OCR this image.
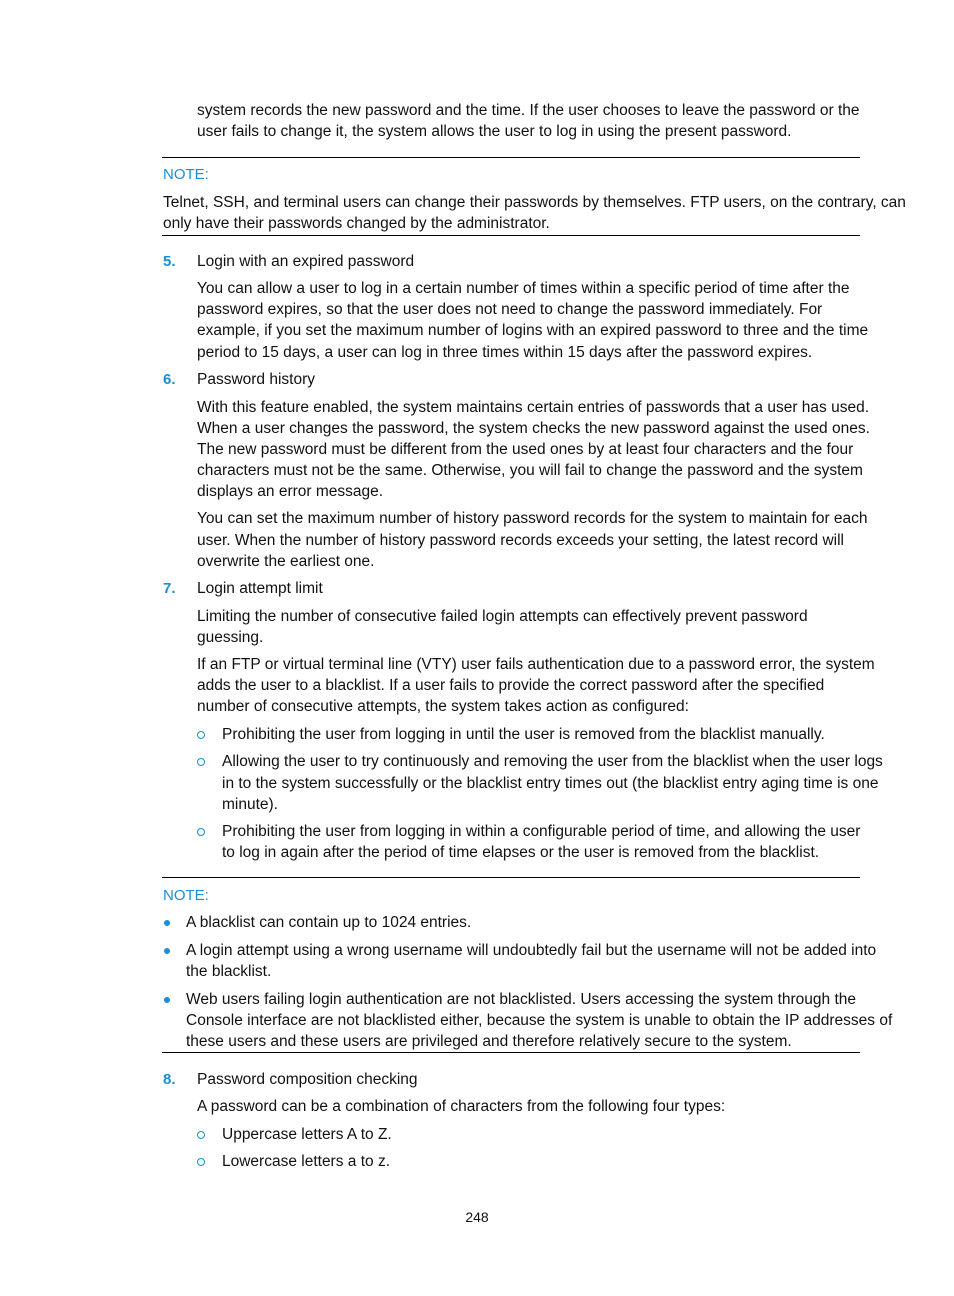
system records the new password and the time. If the user chooses to leave the password or the
user fails to change it, the system allows the user to log in using the present password.
NOTE:
Telnet, SSH, and terminal users can change their passwords by themselves. FTP users, on the contrary, can
only have their passwords changed by the administrator.
5. Login with an expired password
You can allow a user to log in a certain number of times within a specific period of time after the
password expires, so that the user does not need to change the password immediately. For
example, if you set the maximum number of logins with an expired password to three and the time
period to 15 days, a user can log in three times within 15 days after the password expires.
6. Password history
With this feature enabled, the system maintains certain entries of passwords that a user has used.
When a user changes the password, the system checks the new password against the used ones.
The new password must be different from the used ones by at least four characters and the four
characters must not be the same. Otherwise, you will fail to change the password and the system
displays an error message.
You can set the maximum number of history password records for the system to maintain for each
user. When the number of history password records exceeds your setting, the latest record will
overwrite the earliest one.
7. Login attempt limit
Limiting the number of consecutive failed login attempts can effectively prevent password
guessing.
If an FTP or virtual terminal line (VTY) user fails authentication due to a password error, the system
adds the user to a blacklist. If a user fails to provide the correct password after the specified
number of consecutive attempts, the system takes action as configured:
Prohibiting the user from logging in until the user is removed from the blacklist manually.
Allowing the user to try continuously and removing the user from the blacklist when the user logs
in to the system successfully or the blacklist entry times out (the blacklist entry aging time is one
minute).
Prohibiting the user from logging in within a configurable period of time, and allowing the user
to log in again after the period of time elapses or the user is removed from the blacklist.
NOTE:
A blacklist can contain up to 1024 entries.
A login attempt using a wrong username will undoubtedly fail but the username will not be added into
the blacklist.
Web users failing login authentication are not blacklisted. Users accessing the system through the
Console interface are not blacklisted either, because the system is unable to obtain the IP addresses of
these users and these users are privileged and therefore relatively secure to the system.
8. Password composition checking
A password can be a combination of characters from the following four types:
Uppercase letters A to Z.
Lowercase letters a to z.
248
